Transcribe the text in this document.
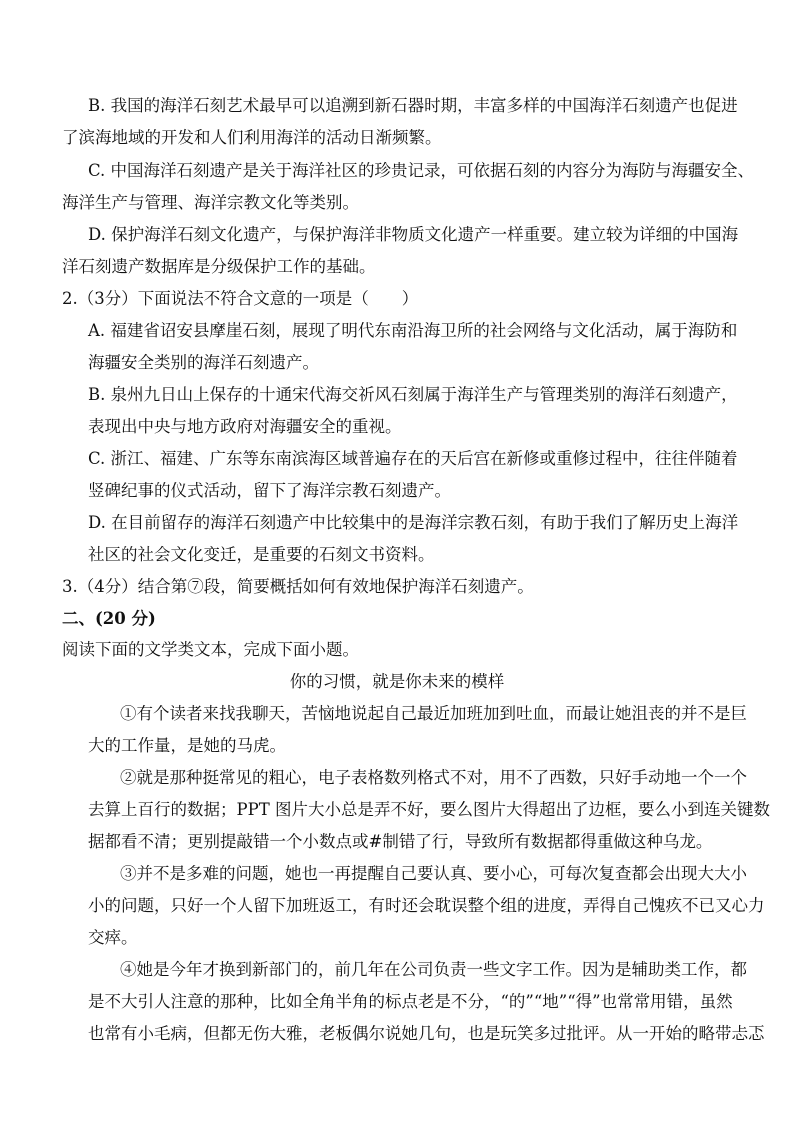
B. 我国的海洋石刻艺术最早可以追溯到新石器时期，丰富多样的中国海洋石刻遗产也促进
了滨海地域的开发和人们利用海洋的活动日渐频繁。
C. 中国海洋石刻遗产是关于海洋社区的珍贵记录，可依据石刻的内容分为海防与海疆安全、
海洋生产与管理、海洋宗教文化等类别。
D. 保护海洋石刻文化遗产，与保护海洋非物质文化遗产一样重要。建立较为详细的中国海
洋石刻遗产数据库是分级保护工作的基础。
2.（3分）下面说法不符合文意的一项是（　　）
A. 福建省诏安县摩崖石刻，展现了明代东南沿海卫所的社会网络与文化活动，属于海防和
海疆安全类别的海洋石刻遗产。
B. 泉州九日山上保存的十通宋代海交祈风石刻属于海洋生产与管理类别的海洋石刻遗产，
表现出中央与地方政府对海疆安全的重视。
C. 浙江、福建、广东等东南滨海区域普遍存在的天后宫在新修或重修过程中，往往伴随着
竖碑纪事的仪式活动，留下了海洋宗教石刻遗产。
D. 在目前留存的海洋石刻遗产中比较集中的是海洋宗教石刻，有助于我们了解历史上海洋
社区的社会文化变迁，是重要的石刻文书资料。
3.（4分）结合第⑦段，简要概括如何有效地保护海洋石刻遗产。
二、(20 分)
阅读下面的文学类文本，完成下面小题。
你的习惯，就是你未来的模样
①有个读者来找我聊天，苦恼地说起自己最近加班加到吐血，而最让她沮丧的并不是巨
大的工作量，是她的马虎。
②就是那种挺常见的粗心，电子表格数列格式不对，用不了西数，只好手动地一个一个
去算上百行的数据；PPT 图片大小总是弄不好，要么图片大得超出了边框，要么小到连关键数
据都看不清；更别提敲错一个小数点或#制错了行，导致所有数据都得重做这种乌龙。
③并不是多难的问题，她也一再提醒自己要认真、要小心，可每次复查都会出现大大小
小的问题，只好一个人留下加班返工，有时还会耽误整个组的进度，弄得自己愧疚不已又心力
交瘁。
④她是今年才换到新部门的，前几年在公司负责一些文字工作。因为是辅助类工作，都
是不大引人注意的那种，比如全角半角的标点老是不分，“的”“地”“得”也常常用错，虽然
也常有小毛病，但都无伤大雅，老板偶尔说她几句，也是玩笑多过批评。从一开始的略带忐忑
